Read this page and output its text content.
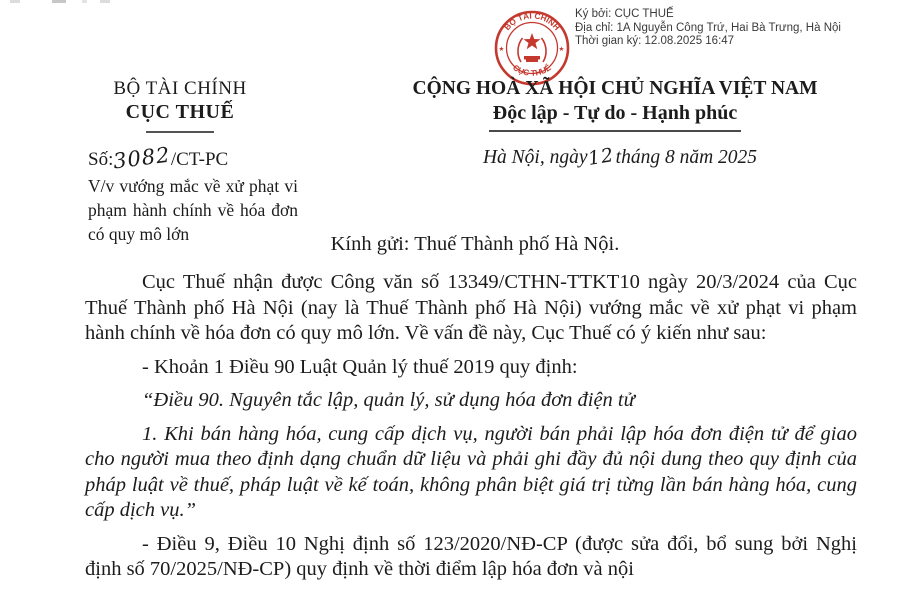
Ký bởi: CỤC THUẾ
Địa chỉ: 1A Nguyễn Công Trứ, Hai Bà Trưng, Hà Nội
Thời gian ký: 12.08.2025 16:47
BỘ TÀI CHÍNH
CỤC THUẾ
★	★
BỘ TÀI CHÍNH
CỤC THUẾ
CỘNG HOÀ XÃ HỘI CHỦ NGHĨA VIỆT NAM
Độc lập - Tự do - Hạnh phúc
Số:3082/CT-PC
V/v vướng mắc về xử phạt vi phạm hành chính về hóa đơn có quy mô lớn
Hà Nội, ngày12tháng 8 năm 2025
Kính gửi: Thuế Thành phố Hà Nội.

Cục Thuế nhận được Công văn số 13349/CTHN-TTKT10 ngày 20/3/2024 của Cục Thuế Thành phố Hà Nội (nay là Thuế Thành phố Hà Nội) vướng mắc về xử phạt vi phạm hành chính về hóa đơn có quy mô lớn. Về vấn đề này, Cục Thuế có ý kiến như sau:

- Khoản 1 Điều 90 Luật Quản lý thuế 2019 quy định:

“Điều 90. Nguyên tắc lập, quản lý, sử dụng hóa đơn điện tử

1. Khi bán hàng hóa, cung cấp dịch vụ, người bán phải lập hóa đơn điện tử để giao cho người mua theo định dạng chuẩn dữ liệu và phải ghi đầy đủ nội dung theo quy định của pháp luật về thuế, pháp luật về kế toán, không phân biệt giá trị từng lần bán hàng hóa, cung cấp dịch vụ.”

- Điều 9, Điều 10 Nghị định số 123/2020/NĐ-CP (được sửa đổi, bổ sung bởi Nghị định số 70/2025/NĐ-CP) quy định về thời điểm lập hóa đơn và nội
